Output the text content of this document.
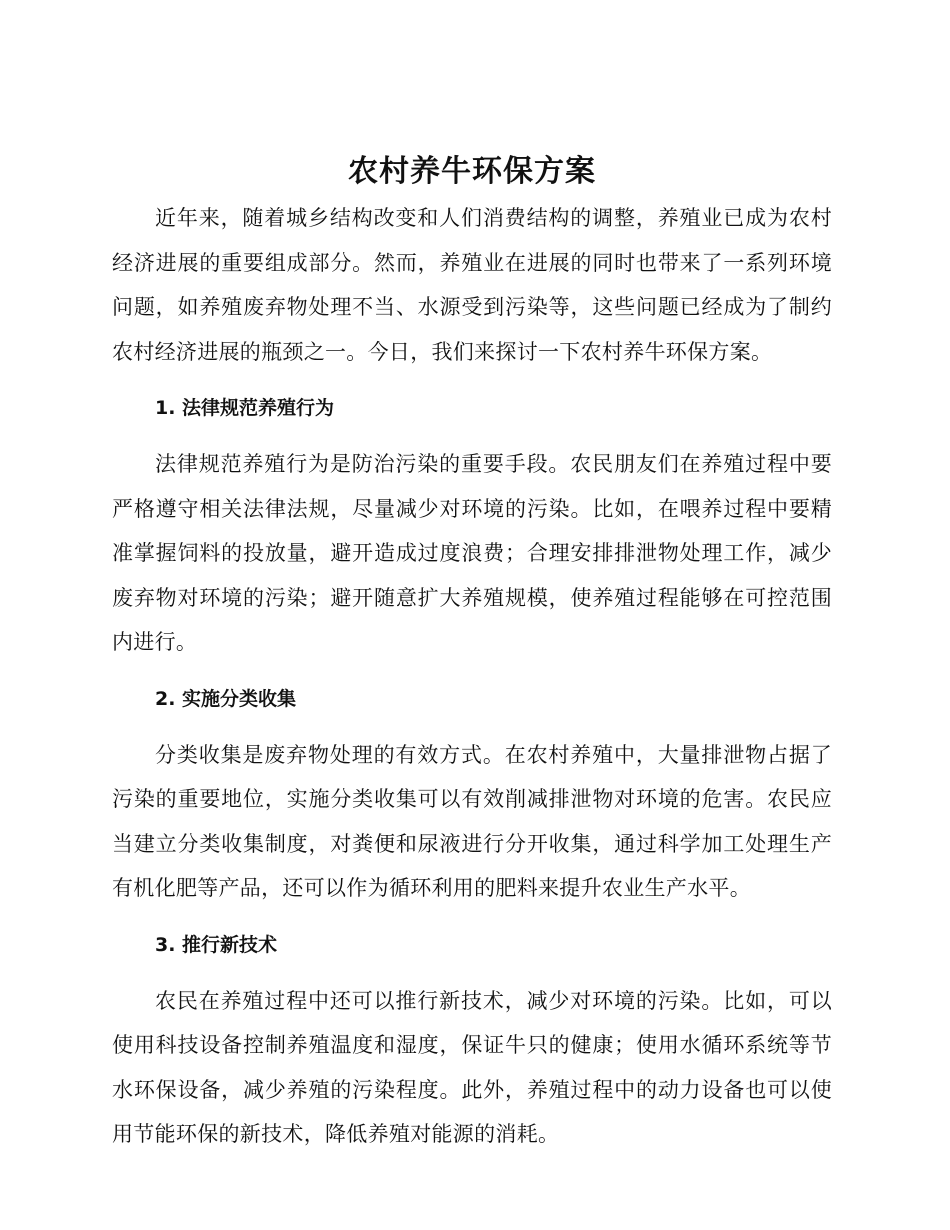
农村养牛环保方案

近年来，随着城乡结构改变和人们消费结构的调整，养殖业已成为农村经济进展的重要组成部分。然而，养殖业在进展的同时也带来了一系列环境问题，如养殖废弃物处理不当、水源受到污染等，这些问题已经成为了制约农村经济进展的瓶颈之一。今日，我们来探讨一下农村养牛环保方案。

1. 法律规范养殖行为

法律规范养殖行为是防治污染的重要手段。农民朋友们在养殖过程中要严格遵守相关法律法规，尽量减少对环境的污染。比如，在喂养过程中要精准掌握饲料的投放量，避开造成过度浪费；合理安排排泄物处理工作，减少废弃物对环境的污染；避开随意扩大养殖规模，使养殖过程能够在可控范围内进行。

2. 实施分类收集

分类收集是废弃物处理的有效方式。在农村养殖中，大量排泄物占据了污染的重要地位，实施分类收集可以有效削减排泄物对环境的危害。农民应当建立分类收集制度，对粪便和尿液进行分开收集，通过科学加工处理生产有机化肥等产品，还可以作为循环利用的肥料来提升农业生产水平。

3. 推行新技术

农民在养殖过程中还可以推行新技术，减少对环境的污染。比如，可以使用科技设备控制养殖温度和湿度，保证牛只的健康；使用水循环系统等节水环保设备，减少养殖的污染程度。此外，养殖过程中的动力设备也可以使用节能环保的新技术，降低养殖对能源的消耗。
